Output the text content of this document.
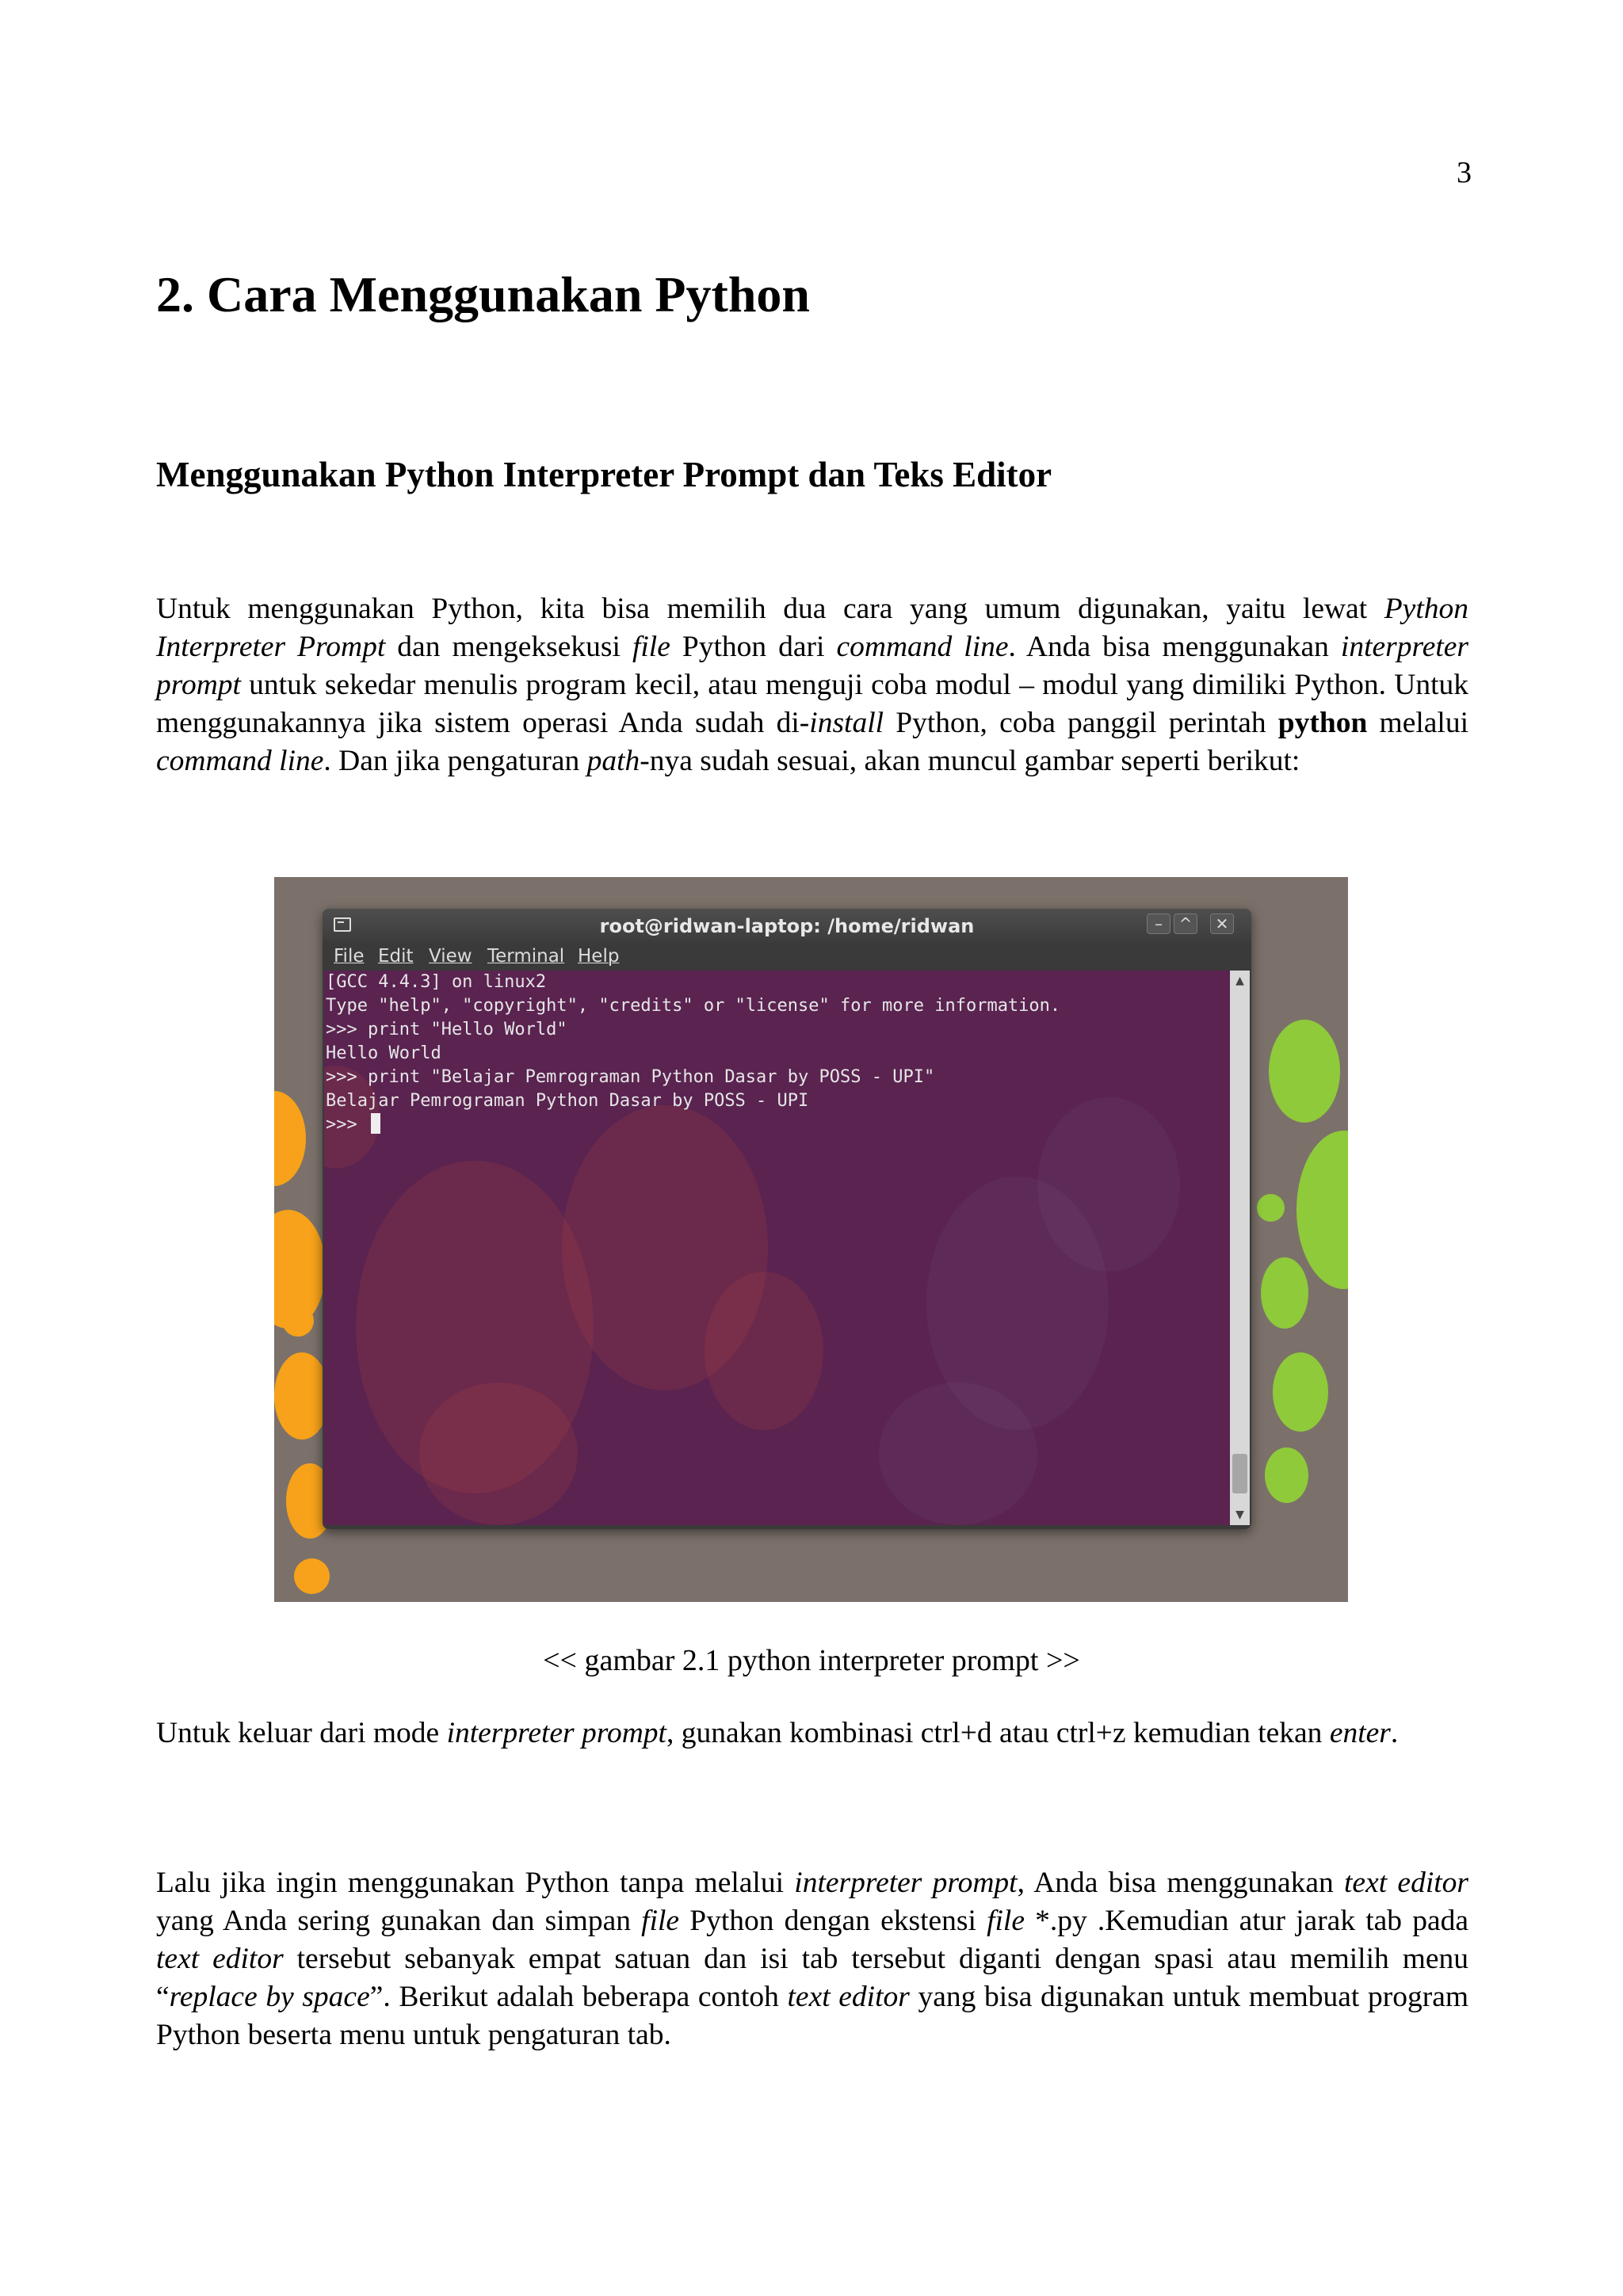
3
2. Cara Menggunakan Python
Menggunakan Python Interpreter Prompt dan Teks Editor

Untuk menggunakan Python, kita bisa memilih dua cara yang umum digunakan, yaitu lewat Python Interpreter Prompt dan mengeksekusi file Python dari command line. Anda bisa menggunakan interpreter prompt untuk sekedar menulis program kecil, atau menguji coba modul – modul yang dimiliki Python. Untuk menggunakannya jika sistem operasi Anda sudah di-install Python, coba panggil perintah python melalui command line. Dan jika pengaturan path-nya sudah sesuai, akan muncul gambar seperti berikut:

root@ridwan-laptop: /home/ridwan	–	^	✕
File Edit View Terminal Help
[GCC 4.4.3] on linux2
Type "help", "copyright", "credits" or "license" for more information.
>>> print "Hello World"
Hello World
>>> print "Belajar Pemrograman Python Dasar by POSS - UPI"
Belajar Pemrograman Python Dasar by POSS - UPI
>>>
▲
▼
<< gambar 2.1 python interpreter prompt >>

Untuk keluar dari mode interpreter prompt, gunakan kombinasi ctrl+d atau ctrl+z kemudian tekan enter.

Lalu jika ingin menggunakan Python tanpa melalui interpreter prompt, Anda bisa menggunakan text editor yang Anda sering gunakan dan simpan file Python dengan ekstensi file *.py .Kemudian atur jarak tab pada text editor tersebut sebanyak empat satuan dan isi tab tersebut diganti dengan spasi atau memilih menu “replace by space”. Berikut adalah beberapa contoh text editor yang bisa digunakan untuk membuat program Python beserta menu untuk pengaturan tab.
